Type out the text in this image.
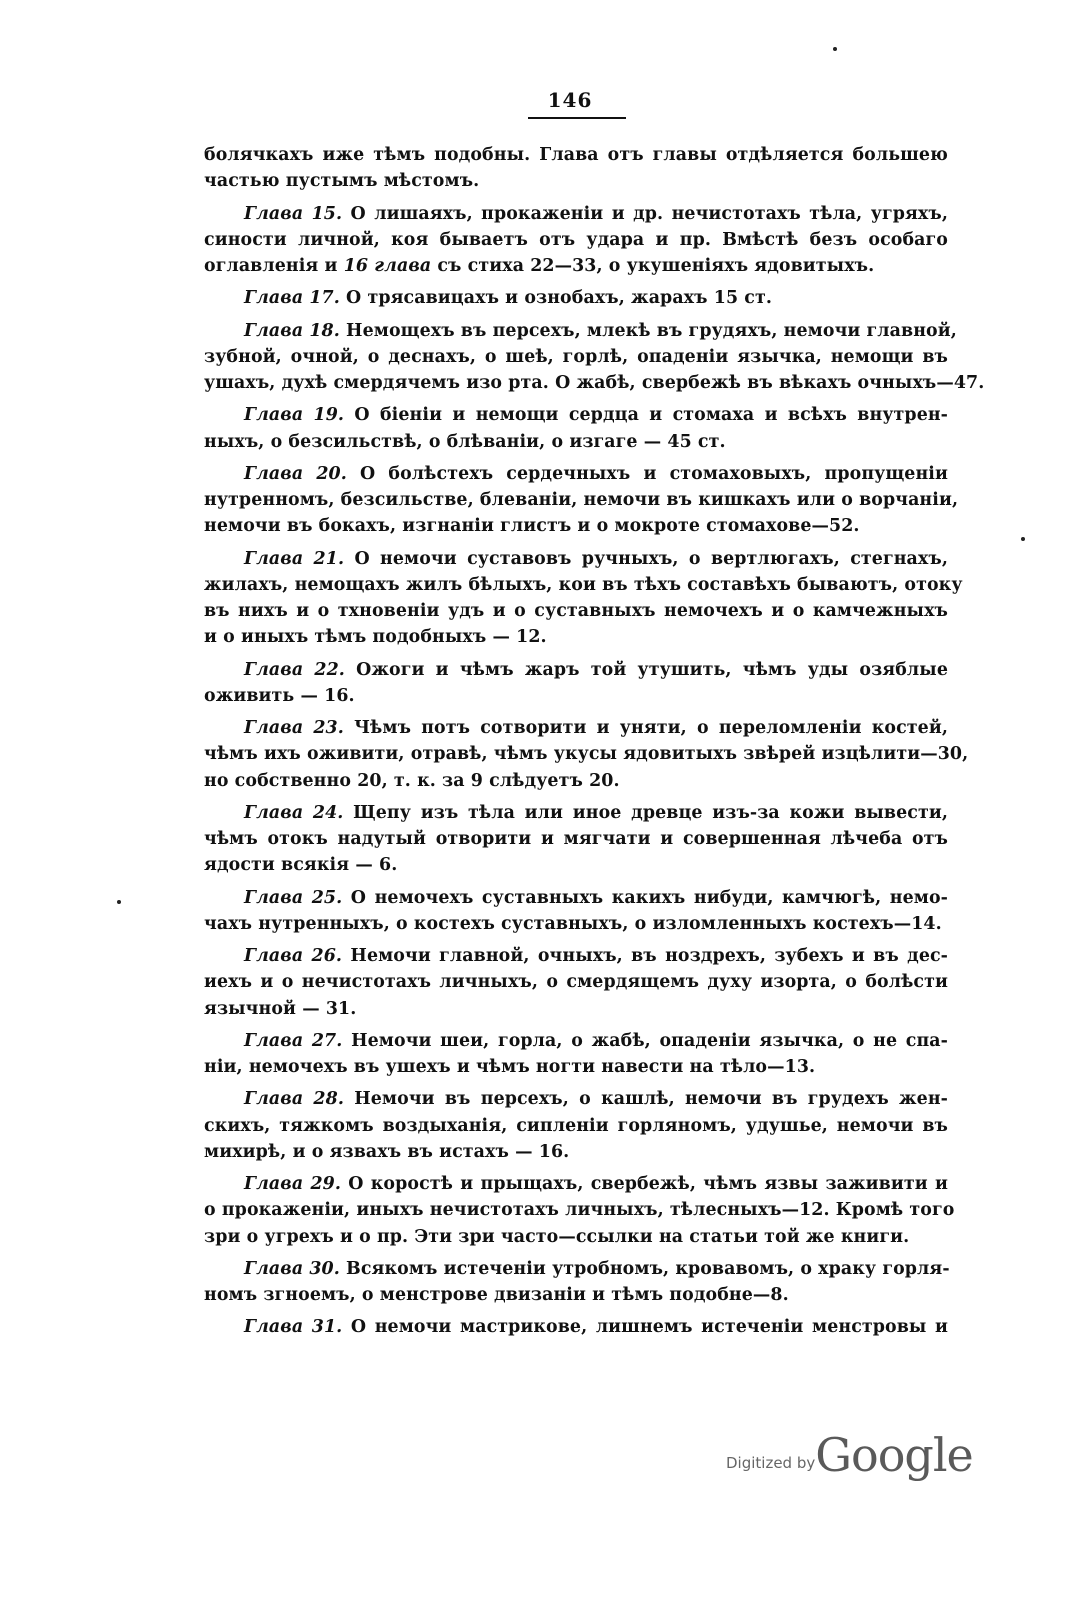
146
болячкахъ иже тѣмъ подобны. Глава отъ главы отдѣляется большею
частью пустымъ мѣстомъ.
Глава 15. О лишаяхъ, прокаженіи и др. нечистотахъ тѣла, угряхъ,
синости личной, коя бываетъ отъ удара и пр. Вмѣстѣ безъ особаго
оглавленія и 16 глава съ стиха 22—33, о укушеніяхъ ядовитыхъ.
Глава 17. О трясавицахъ и ознобахъ, жарахъ 15 ст.
Глава 18. Немощехъ въ персехъ, млекѣ въ грудяхъ, немочи главной,
зубной, очной, о деснахъ, о шеѣ, горлѣ, опаденіи язычка, немощи въ
ушахъ, духѣ смердячемъ изо рта. О жабѣ, свербежѣ въ вѣкахъ очныхъ—47.
Глава 19. О біеніи и немощи сердца и стомаха и всѣхъ внутрен-
ныхъ, о безсильствѣ, о блѣваніи, о изгаге — 45 ст.
Глава 20. О болѣстехъ сердечныхъ и стомаховыхъ, пропущеніи
нутренномъ, безсильстве, блеваніи, немочи въ кишкахъ или о ворчаніи,
немочи въ бокахъ, изгнаніи глистъ и о мокроте стомахове—52.
Глава 21. О немочи суставовъ ручныхъ, о вертлюгахъ, стегнахъ,
жилахъ, немощахъ жилъ бѣлыхъ, кои въ тѣхъ составѣхъ бываютъ, отоку
въ нихъ и о тхновеніи удъ и о суставныхъ немочехъ и о камчежныхъ
и о иныхъ тѣмъ подобныхъ — 12.
Глава 22. Ожоги и чѣмъ жаръ той утушить, чѣмъ уды озяблые
оживить — 16.
Глава 23. Чѣмъ потъ сотворити и уняти, о переломленіи костей,
чѣмъ ихъ оживити, отравѣ, чѣмъ укусы ядовитыхъ звѣрей изцѣлити—30,
но собственно 20, т. к. за 9 слѣдуетъ 20.
Глава 24. Щепу изъ тѣла или иное древце изъ-за кожи вывести,
чѣмъ отокъ надутый отворити и мягчати и совершенная лѣчеба отъ
ядости всякія — 6.
Глава 25. О немочехъ суставныхъ какихъ нибуди, камчюгѣ, немо-
чахъ нутренныхъ, о костехъ суставныхъ, о изломленныхъ костехъ—14.
Глава 26. Немочи главной, очныхъ, въ ноздрехъ, зубехъ и въ дес-
иехъ и о нечистотахъ личныхъ, о смердящемъ духу изорта, о болѣсти
язычной — 31.
Глава 27. Немочи шеи, горла, о жабѣ, опаденіи язычка, о не спа-
ніи, немочехъ въ ушехъ и чѣмъ ногти навести на тѣло—13.
Глава 28. Немочи въ персехъ, о кашлѣ, немочи въ грудехъ жен-
скихъ, тяжкомъ воздыханія, сипленіи горляномъ, удушье, немочи въ
михирѣ, и о язвахъ въ истахъ — 16.
Глава 29. О коростѣ и прыщахъ, свербежѣ, чѣмъ язвы заживити и
о прокаженіи, иныхъ нечистотахъ личныхъ, тѣлесныхъ—12. Кромѣ того
зри о угрехъ и о пр. Эти зри часто—ссылки на статьи той же книги.
Глава 30. Всякомъ истеченіи утробномъ, кровавомъ, о храку горля-
номъ згноемъ, о менстрове двизаніи и тѣмъ подобне—8.
Глава 31. О немочи мастрикове, лишнемъ истеченіи менстровы и
Digitized by Google
